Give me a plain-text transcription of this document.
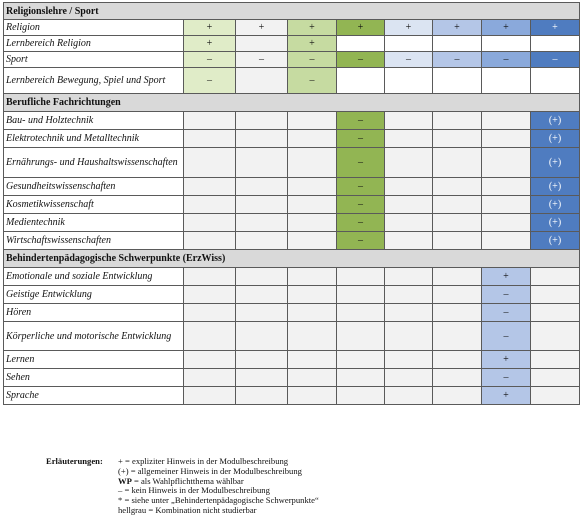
Religionslehre / Sport								
Religion	+	+	+	+	+	+	+	+
Lernbereich Religion	+		+					
Sport	–	–	–	–	–	–	–	–
Lernbereich Bewegung, Spiel und Sport	–		–					
Berufliche Fachrichtungen								
Bau- und Holztechnik				–				(+)
Elektrotechnik und Metalltechnik				–				(+)
Ernährungs- und Haushaltswissenschaften				–				(+)
Gesundheitswissenschaften				–				(+)
Kosmetikwissenschaft				–				(+)
Medientechnik				–				(+)
Wirtschaftswissenschaften				–				(+)
Behindertenpädagogische Schwerpunkte (ErzWiss)								
Emotionale und soziale Entwicklung							+	
Geistige Entwicklung							–	
Hören							–	
Körperliche und motorische Entwicklung							–	
Lernen							+	
Sehen							–	
Sprache							+	
Erläuterungen: + = expliziter Hinweis in der Modulbeschreibung
(+) = allgemeiner Hinweis in der Modulbeschreibung
WP = als Wahlpflichtthema wählbar
– = kein Hinweis in der Modulbeschreibung
* = siehe unter „Behindertenpädagogische Schwerpunkte“
hellgrau = Kombination nicht studierbar
